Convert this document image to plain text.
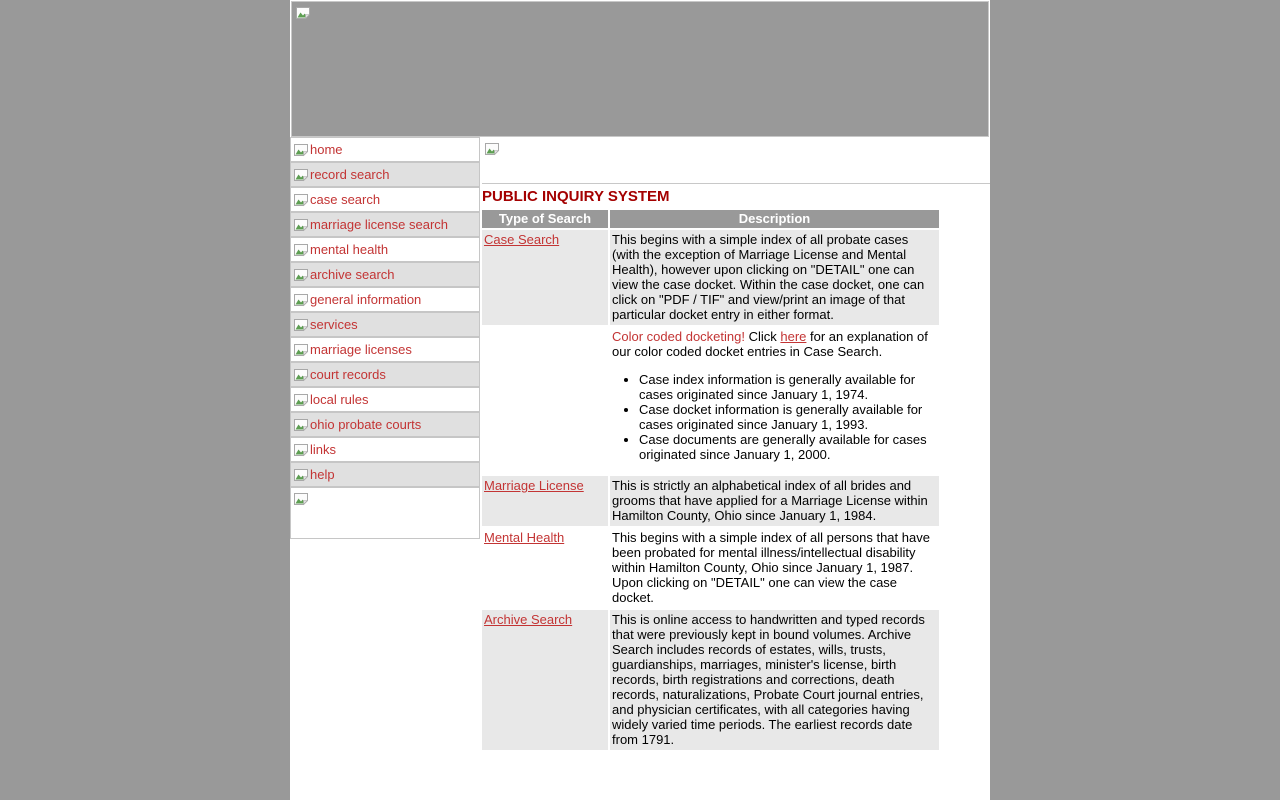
home
record search
case search
marriage license search
mental health
archive search
general information
services
marriage licenses
court records
local rules
ohio probate courts
links
help
PUBLIC INQUIRY SYSTEM
Type of Search	Description
Case Search	This begins with a simple index of all probate cases (with the exception of Marriage License and Mental Health), however upon clicking on "DETAIL" one can view the case docket. Within the case docket, one can click on "PDF / TIF" and view/print an image of that particular docket entry in either format.

Color coded docketing! Click here for an explanation of our color coded docket entries in Case Search.

• Case index information is generally available for cases originated since January 1, 1974.
• Case docket information is generally available for cases originated since January 1, 1993.
• Case documents are generally available for cases originated since January 1, 2000.

Marriage License	This is strictly an alphabetical index of all brides and grooms that have applied for a Marriage License within Hamilton County, Ohio since January 1, 1984.
Mental Health	This begins with a simple index of all persons that have been probated for mental illness/intellectual disability within Hamilton County, Ohio since January 1, 1987. Upon clicking on "DETAIL" one can view the case docket.
Archive Search	This is online access to handwritten and typed records that were previously kept in bound volumes. Archive Search includes records of estates, wills, trusts, guardianships, marriages, minister's license, birth records, birth registrations and corrections, death records, naturalizations, Probate Court journal entries, and physician certificates, with all categories having widely varied time periods. The earliest records date from 1791.
